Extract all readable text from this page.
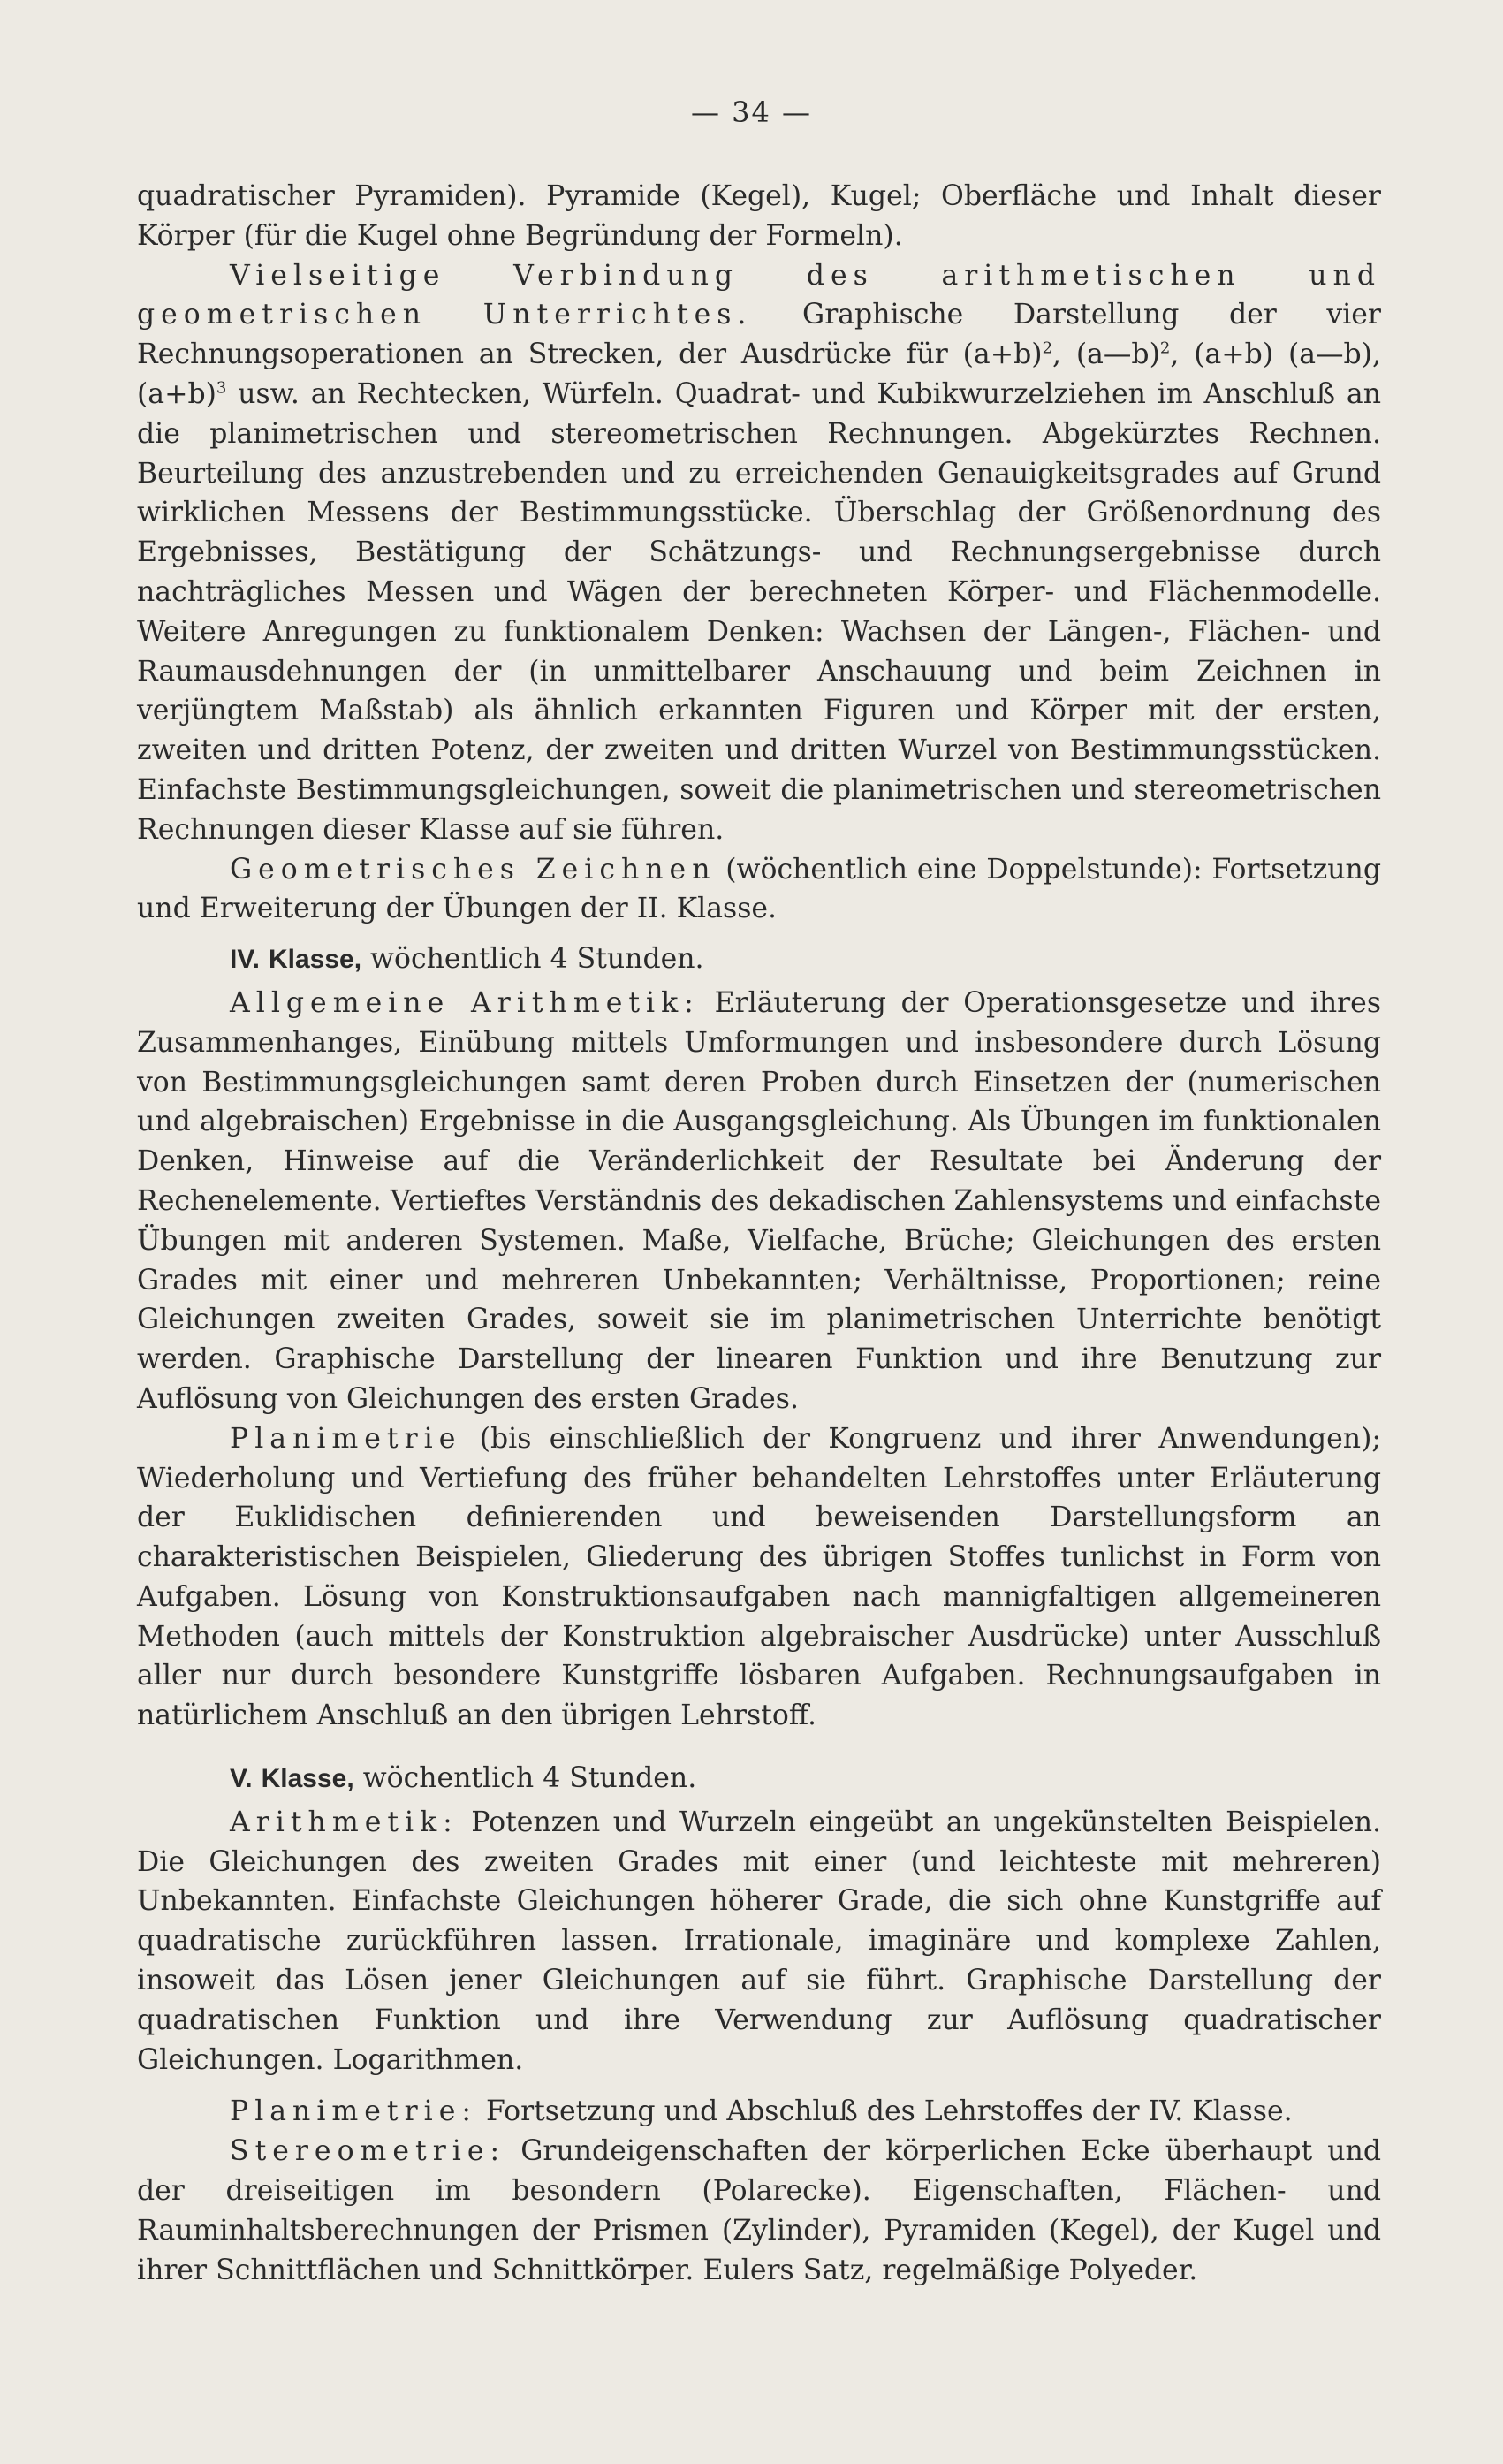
— 34 —

quadratischer Pyramiden). Pyramide (Kegel), Kugel; Oberfläche und Inhalt dieser Körper (für die Kugel ohne Begründung der Formeln).

Vielseitige Verbindung des arithmetischen und geometrischen Unterrichtes. Graphische Darstellung der vier Rechnungsoperationen an Strecken, der Ausdrücke für $(a+b)^2$, (a—b)$^2$, (a+b) (a—b), $(a+b)^3$ usw. an Rechtecken, Würfeln. Quadrat- und Kubikwurzelziehen im Anschluß an die planimetrischen und stereometrischen Rechnungen. Abgekürztes Rechnen. Beurteilung des anzustrebenden und zu erreichenden Genauigkeitsgrades auf Grund wirklichen Messens der Bestimmungsstücke. Überschlag der Größenordnung des Ergebnisses, Bestätigung der Schätzungs- und Rechnungsergebnisse durch nachträgliches Messen und Wägen der berechneten Körper- und Flächenmodelle. Weitere Anregungen zu funktionalem Denken: Wachsen der Längen-, Flächen- und Raumausdehnungen der (in unmittelbarer Anschauung und beim Zeichnen in verjüngtem Maßstab) als ähnlich erkannten Figuren und Körper mit der ersten, zweiten und dritten Potenz, der zweiten und dritten Wurzel von Bestimmungsstücken. Einfachste Bestimmungsgleichungen, soweit die planimetrischen und stereometrischen Rechnungen dieser Klasse auf sie führen.

Geometrisches Zeichnen (wöchentlich eine Doppelstunde): Fortsetzung und Erweiterung der Übungen der II. Klasse.

IV. Klasse, wöchentlich 4 Stunden.

Allgemeine Arithmetik: Erläuterung der Operationsgesetze und ihres Zusammenhanges, Einübung mittels Umformungen und insbesondere durch Lösung von Bestimmungsgleichungen samt deren Proben durch Einsetzen der (numerischen und algebraischen) Ergebnisse in die Ausgangsgleichung. Als Übungen im funktionalen Denken, Hinweise auf die Veränderlichkeit der Resultate bei Änderung der Rechenelemente. Vertieftes Verständnis des dekadischen Zahlensystems und einfachste Übungen mit anderen Systemen. Maße, Vielfache, Brüche; Gleichungen des ersten Grades mit einer und mehreren Unbekannten; Verhältnisse, Proportionen; reine Gleichungen zweiten Grades, soweit sie im planimetrischen Unterrichte benötigt werden. Graphische Darstellung der linearen Funktion und ihre Benutzung zur Auflösung von Gleichungen des ersten Grades.

Planimetrie (bis einschließlich der Kongruenz und ihrer Anwendungen); Wiederholung und Vertiefung des früher behandelten Lehrstoffes unter Erläuterung der Euklidischen definierenden und beweisenden Darstellungsform an charakteristischen Beispielen, Gliederung des übrigen Stoffes tunlichst in Form von Aufgaben. Lösung von Konstruktionsaufgaben nach mannigfaltigen allgemeineren Methoden (auch mittels der Konstruktion algebraischer Ausdrücke) unter Ausschluß aller nur durch besondere Kunstgriffe lösbaren Aufgaben. Rechnungsaufgaben in natürlichem Anschluß an den übrigen Lehrstoff.

V. Klasse, wöchentlich 4 Stunden.

Arithmetik: Potenzen und Wurzeln eingeübt an ungekünstelten Beispielen. Die Gleichungen des zweiten Grades mit einer (und leichteste mit mehreren) Unbekannten. Einfachste Gleichungen höherer Grade, die sich ohne Kunstgriffe auf quadratische zurückführen lassen. Irrationale, imaginäre und komplexe Zahlen, insoweit das Lösen jener Gleichungen auf sie führt. Graphische Darstellung der quadratischen Funktion und ihre Verwendung zur Auflösung quadratischer Gleichungen. Logarithmen.

Planimetrie: Fortsetzung und Abschluß des Lehrstoffes der IV. Klasse.

Stereometrie: Grundeigenschaften der körperlichen Ecke überhaupt und der dreiseitigen im besondern (Polarecke). Eigenschaften, Flächen- und Rauminhaltsberechnungen der Prismen (Zylinder), Pyramiden (Kegel), der Kugel und ihrer Schnittflächen und Schnittkörper. Eulers Satz, regelmäßige Polyeder.
